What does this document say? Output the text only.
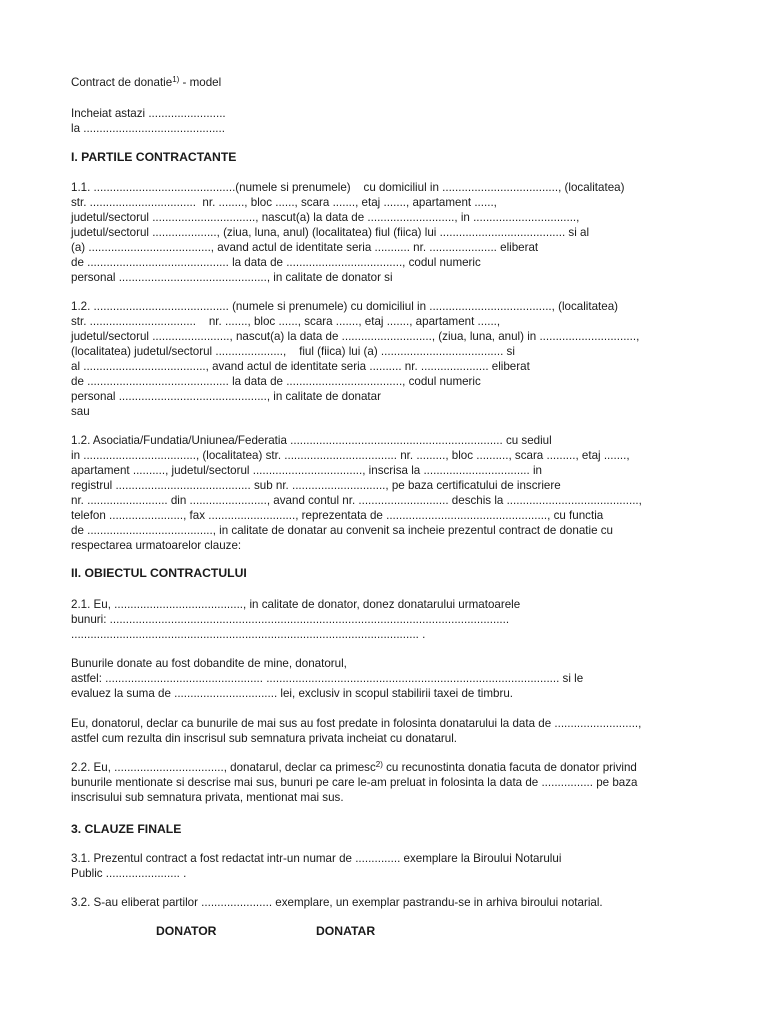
Contract de donatie$^{1)}$ - model
Incheiat astazi ........................
la ............................................
I. PARTILE CONTRACTANTE
1.1. ............................................(numele si prenumele)    cu domiciliul in ...................................., (localitatea)
str. .................................  nr. ........, bloc ......, scara ......., etaj ......., apartament ......,
judetul/sectorul ................................, nascut(a) la data de ..........................., in ................................,
judetul/sectorul ...................., (ziua, luna, anul) (localitatea) fiul (fiica) lui ....................................... si al
(a) ......................................, avand actul de identitate seria ........... nr. ..................... eliberat
de ............................................ la data de ...................................., codul numeric
personal .............................................., in calitate de donator si
1.2. .......................................... (numele si prenumele) cu domiciliul in ......................................, (localitatea)
str. .................................    nr. ......., bloc ......, scara ......., etaj ......., apartament ......,
judetul/sectorul ........................, nascut(a) la data de ............................, (ziua, luna, anul) in ..............................,
(localitatea) judetul/sectorul .....................,    fiul (fiica) lui (a) ...................................... si
al ......................................, avand actul de identitate seria .......... nr. ..................... eliberat
de ............................................ la data de ...................................., codul numeric
personal .............................................., in calitate de donatar
sau
1.2. Asociatia/Fundatia/Uniunea/Federatia .................................................................. cu sediul
in ..................................., (localitatea) str. ................................... nr. ........., bloc .........., scara ........., etaj .......,
apartament .........., judetul/sectorul .................................., inscrisa la ................................. in
registrul .......................................... sub nr. ............................., pe baza certificatului de inscriere
nr. ......................... din ........................, avand contul nr. ............................ deschis la .........................................,
telefon ......................., fax ..........................., reprezentata de .................................................., cu functia
de ......................................., in calitate de donatar au convenit sa incheie prezentul contract de donatie cu
respectarea urmatoarelor clauze:
II. OBIECTUL CONTRACTULUI
2.1. Eu, ........................................, in calitate de donator, donez donatarului urmatoarele
bunuri: ............................................................................................................................
............................................................................................................ .
Bunurile donate au fost dobandite de mine, donatorul,
astfel: ................................................. ........................................................................................... si le
evaluez la suma de ................................ lei, exclusiv in scopul stabilirii taxei de timbru.
Eu, donatorul, declar ca bunurile de mai sus au fost predate in folosinta donatarului la data de ..........................,
astfel cum rezulta din inscrisul sub semnatura privata incheiat cu donatarul.
2.2. Eu, .................................., donatarul, declar ca primesc$^{2)}$ cu recunostinta donatia facuta de donator privind
bunurile mentionate si descrise mai sus, bunuri pe care le-am preluat in folosinta la data de ................ pe baza
inscrisului sub semnatura privata, mentionat mai sus.
3. CLAUZE FINALE
3.1. Prezentul contract a fost redactat intr-un numar de .............. exemplare la Biroului Notarului
Public ....................... .
3.2. S-au eliberat partilor ...................... exemplare, un exemplar pastrandu-se in arhiva biroului notarial.
DONATOR	DONATAR
